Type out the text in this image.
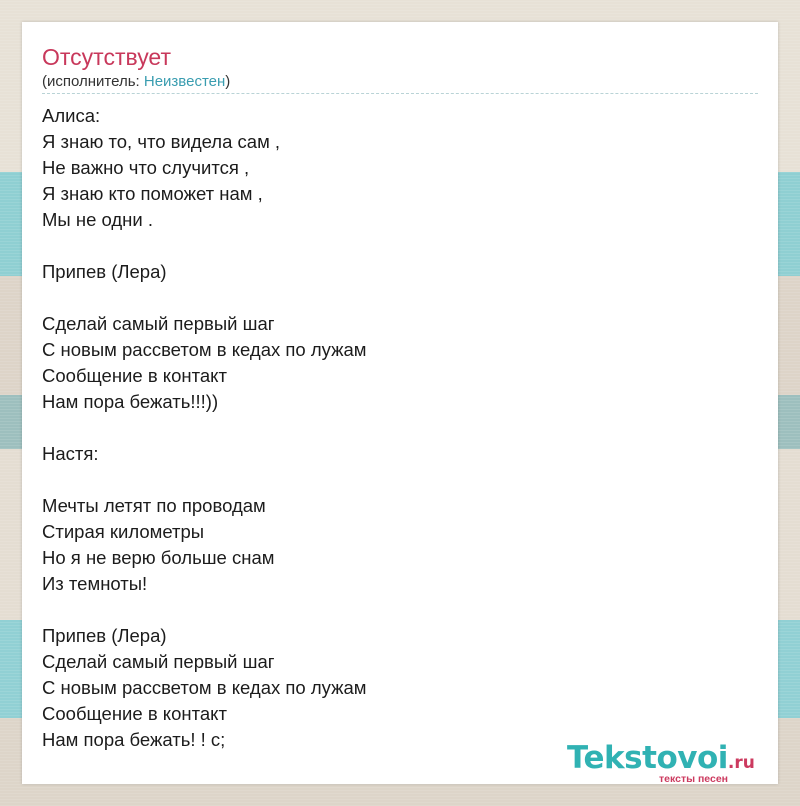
Отсутствует
(исполнитель: Неизвестен)
Алиса:
Я знаю то, что видела сам ,
Не важно что случится ,
Я знаю кто поможет нам ,
Мы не одни .
Припев (Лера)
Сделай самый первый шаг
С новым рассветом в кедах по лужам
Сообщение в контакт
Нам пора бежать!!!))
Настя:
Мечты летят по проводам
Стирая километры
Но я не верю больше снам
Из темноты!
Припев (Лера)
Сделай самый первый шаг
С новым рассветом в кедах по лужам
Сообщение в контакт
Нам пора бежать! ! с;
Tekstovoi.ru
тексты песен
